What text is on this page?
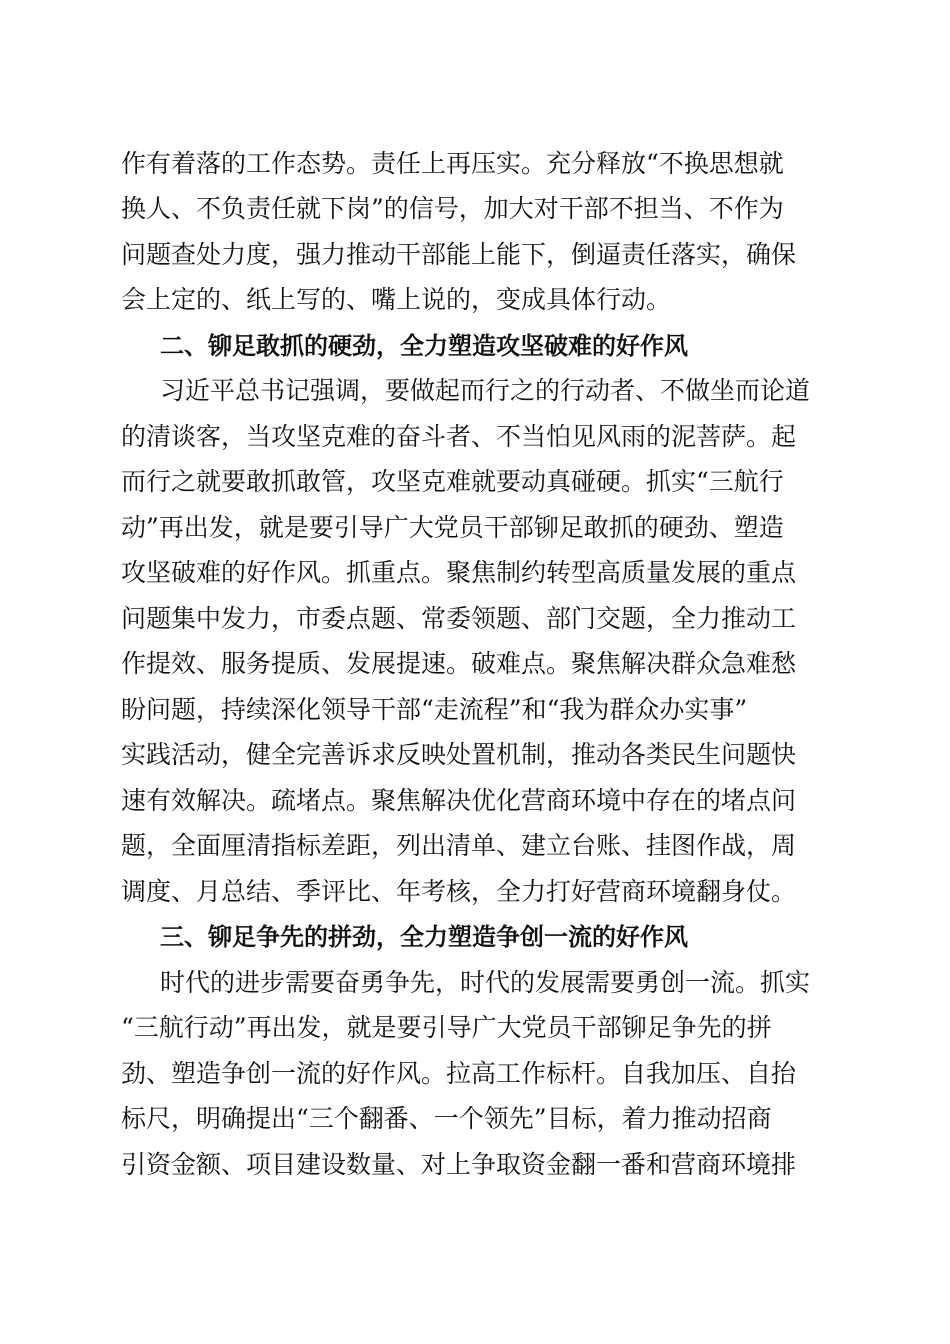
作有着落的工作态势。责任上再压实。充分释放“不换思想就
换人、不负责任就下岗”的信号，加大对干部不担当、不作为
问题查处力度，强力推动干部能上能下，倒逼责任落实，确保
会上定的、纸上写的、嘴上说的，变成具体行动。
二、铆足敢抓的硬劲，全力塑造攻坚破难的好作风
习近平总书记强调，要做起而行之的行动者、不做坐而论道
的清谈客，当攻坚克难的奋斗者、不当怕见风雨的泥菩萨。起
而行之就要敢抓敢管，攻坚克难就要动真碰硬。抓实“三航行
动”再出发，就是要引导广大党员干部铆足敢抓的硬劲、塑造
攻坚破难的好作风。抓重点。聚焦制约转型高质量发展的重点
问题集中发力，市委点题、常委领题、部门交题，全力推动工
作提效、服务提质、发展提速。破难点。聚焦解决群众急难愁
盼问题，持续深化领导干部“走流程”和“我为群众办实事”
实践活动，健全完善诉求反映处置机制，推动各类民生问题快
速有效解决。疏堵点。聚焦解决优化营商环境中存在的堵点问
题，全面厘清指标差距，列出清单、建立台账、挂图作战，周
调度、月总结、季评比、年考核，全力打好营商环境翻身仗。
三、铆足争先的拼劲，全力塑造争创一流的好作风
时代的进步需要奋勇争先，时代的发展需要勇创一流。抓实
“三航行动”再出发，就是要引导广大党员干部铆足争先的拼
劲、塑造争创一流的好作风。拉高工作标杆。自我加压、自抬
标尺，明确提出“三个翻番、一个领先”目标，着力推动招商
引资金额、项目建设数量、对上争取资金翻一番和营商环境排
